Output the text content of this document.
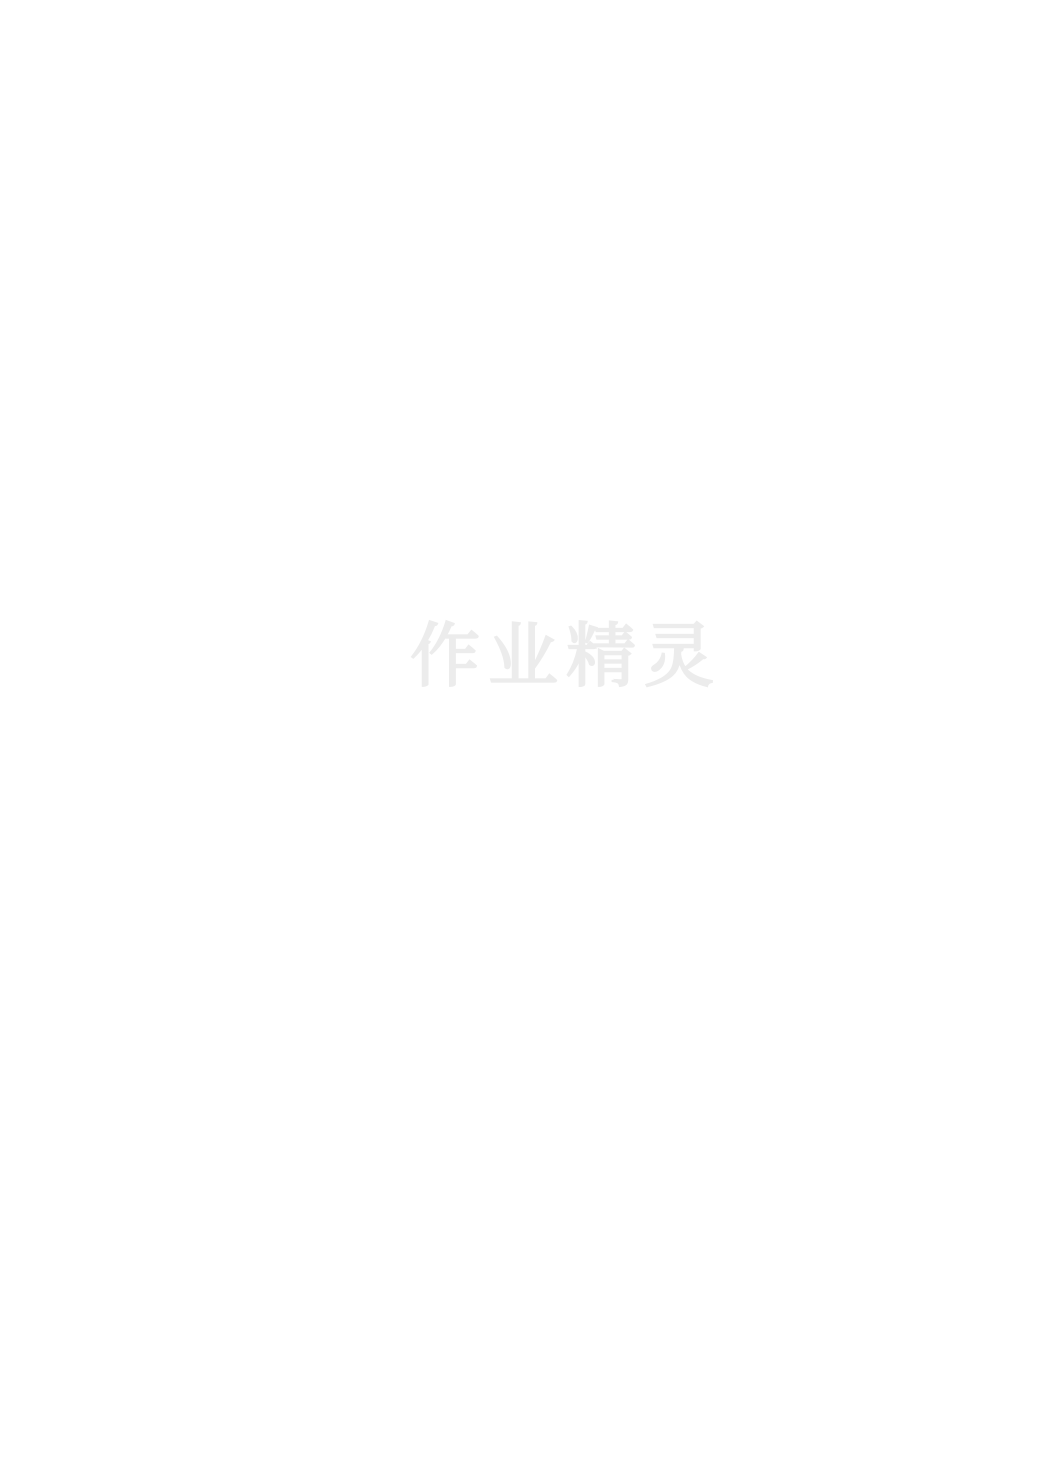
作业精灵
